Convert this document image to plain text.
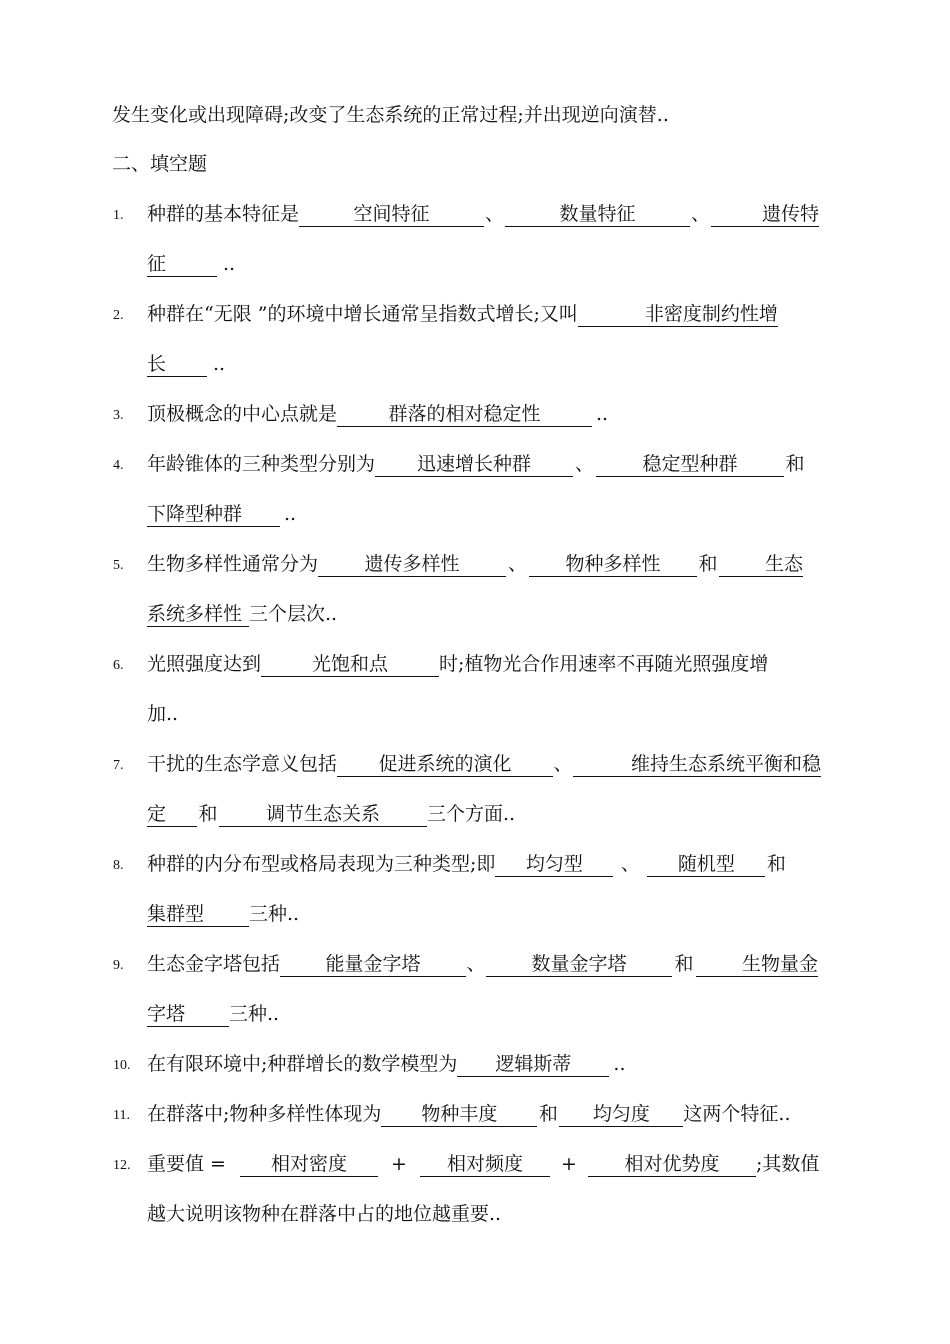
发生变化或出现障碍;改变了生态系统的正常过程;并出现逆向演替..
二、填空题
1.	种群的基本特征是	空间特征	、	数量特征	、	遗传特
征	..
2.	种群在“无限 ”的环境中增长通常呈指数式增长;又叫	非密度制约性增
长 ..
3.	顶极概念的中心点就是	群落的相对稳定性	..
4.	年龄锥体的三种类型分别为 迅速增长种群 、	稳定型种群	和
下降型种群 ..
5.	生物多样性通常分为 遗传多样性	、 物种多样性 和 生态
系统多样性 三个层次..
6.	光照强度达到	光饱和点	时;植物光合作用速率不再随光照强度增
加..
7.	干扰的生态学意义包括 促进系统的演化 、	维持生态系统平衡和稳
定 和	调节生态关系 三个方面..
8.	种群的内分布型或格局表现为三种类型;即 均匀型 、 随机型 和
集群型 三种..
9.	生态金字塔包括 能量金字塔 、 数量金字塔	和	生物量金
字塔 三种..
10. 在有限环境中;种群增长的数学模型为 逻辑斯蒂 ..
11. 在群落中;物种多样性体现为 物种丰度 和 均匀度 这两个特征..
12. 重要值 = 相对密度 + 相对频度 +	相对优势度 ;其数值
越大说明该物种在群落中占的地位越重要..
